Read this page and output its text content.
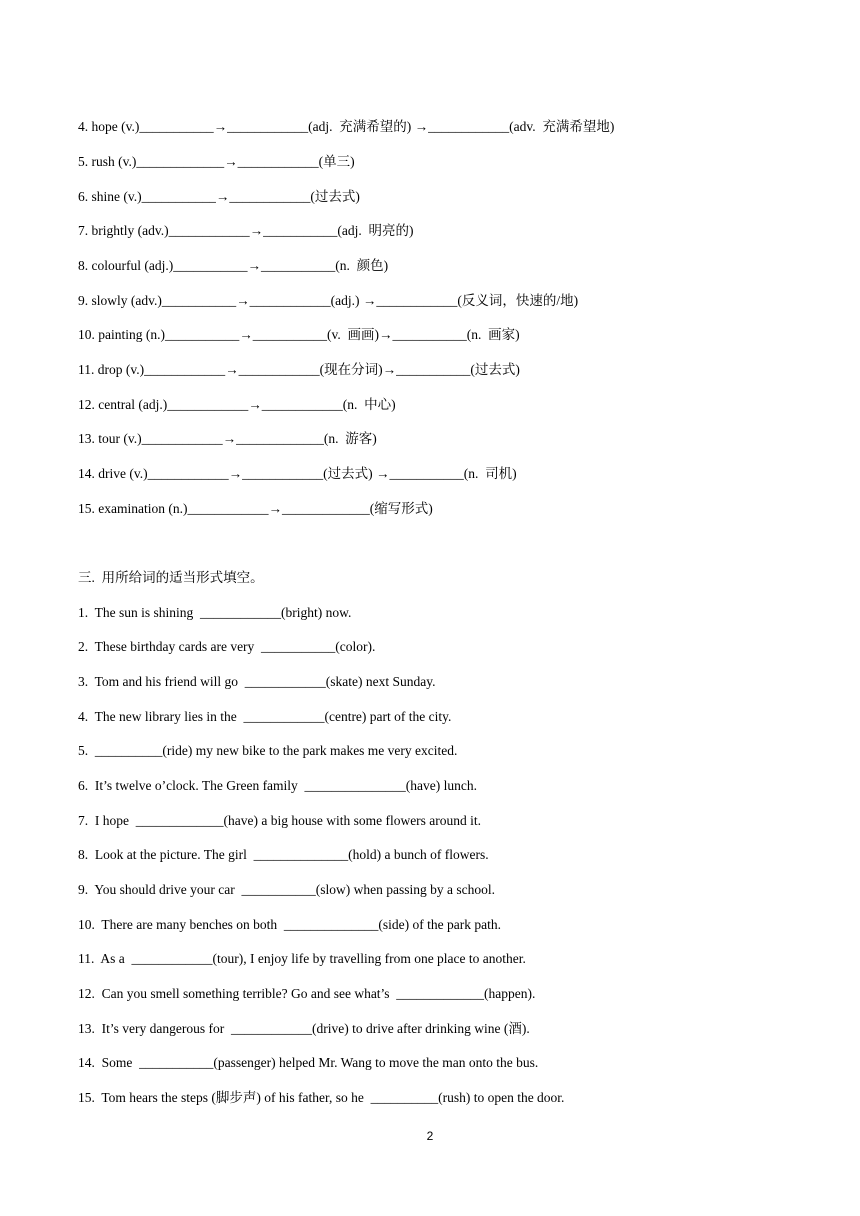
4. hope (v.)___________→____________(adj.  充满希望的) →____________(adv.  充满希望地)
5. rush (v.)_____________→____________(单三)
6. shine (v.)___________→____________(过去式)
7. brightly (adv.)____________→___________(adj.  明亮的)
8. colourful (adj.)___________→___________(n.  颜色)
9. slowly (adv.)___________→____________(adj.) →____________(反义词，快速的/地)
10. painting (n.)___________→___________(v.  画画)→___________(n.  画家)
11. drop (v.)____________→____________(现在分词)→___________(过去式)
12. central (adj.)____________→____________(n.  中心)
13. tour (v.)____________→_____________(n.  游客)
14. drive (v.)____________→____________(过去式) →___________(n.  司机)
15. examination (n.)____________→_____________(缩写形式)
三.  用所给词的适当形式填空。
1.  The sun is shining  ____________(bright) now.
2.  These birthday cards are very  ___________(color).
3.  Tom and his friend will go  ____________(skate) next Sunday.
4.  The new library lies in the  ____________(centre) part of the city.
5.  __________(ride) my new bike to the park makes me very excited.
6.  It’s twelve o’clock. The Green family  _______________(have) lunch.
7.  I hope  _____________(have) a big house with some flowers around it.
8.  Look at the picture. The girl  ______________(hold) a bunch of flowers.
9.  You should drive your car  ___________(slow) when passing by a school.
10.  There are many benches on both  ______________(side) of the park path.
11.  As a  ____________(tour), I enjoy life by travelling from one place to another.
12.  Can you smell something terrible? Go and see what’s  _____________(happen).
13.  It’s very dangerous for  ____________(drive) to drive after drinking wine (酒).
14.  Some  ___________(passenger) helped Mr. Wang to move the man onto the bus.
15.  Tom hears the steps (脚步声) of his father, so he  __________(rush) to open the door.
2
